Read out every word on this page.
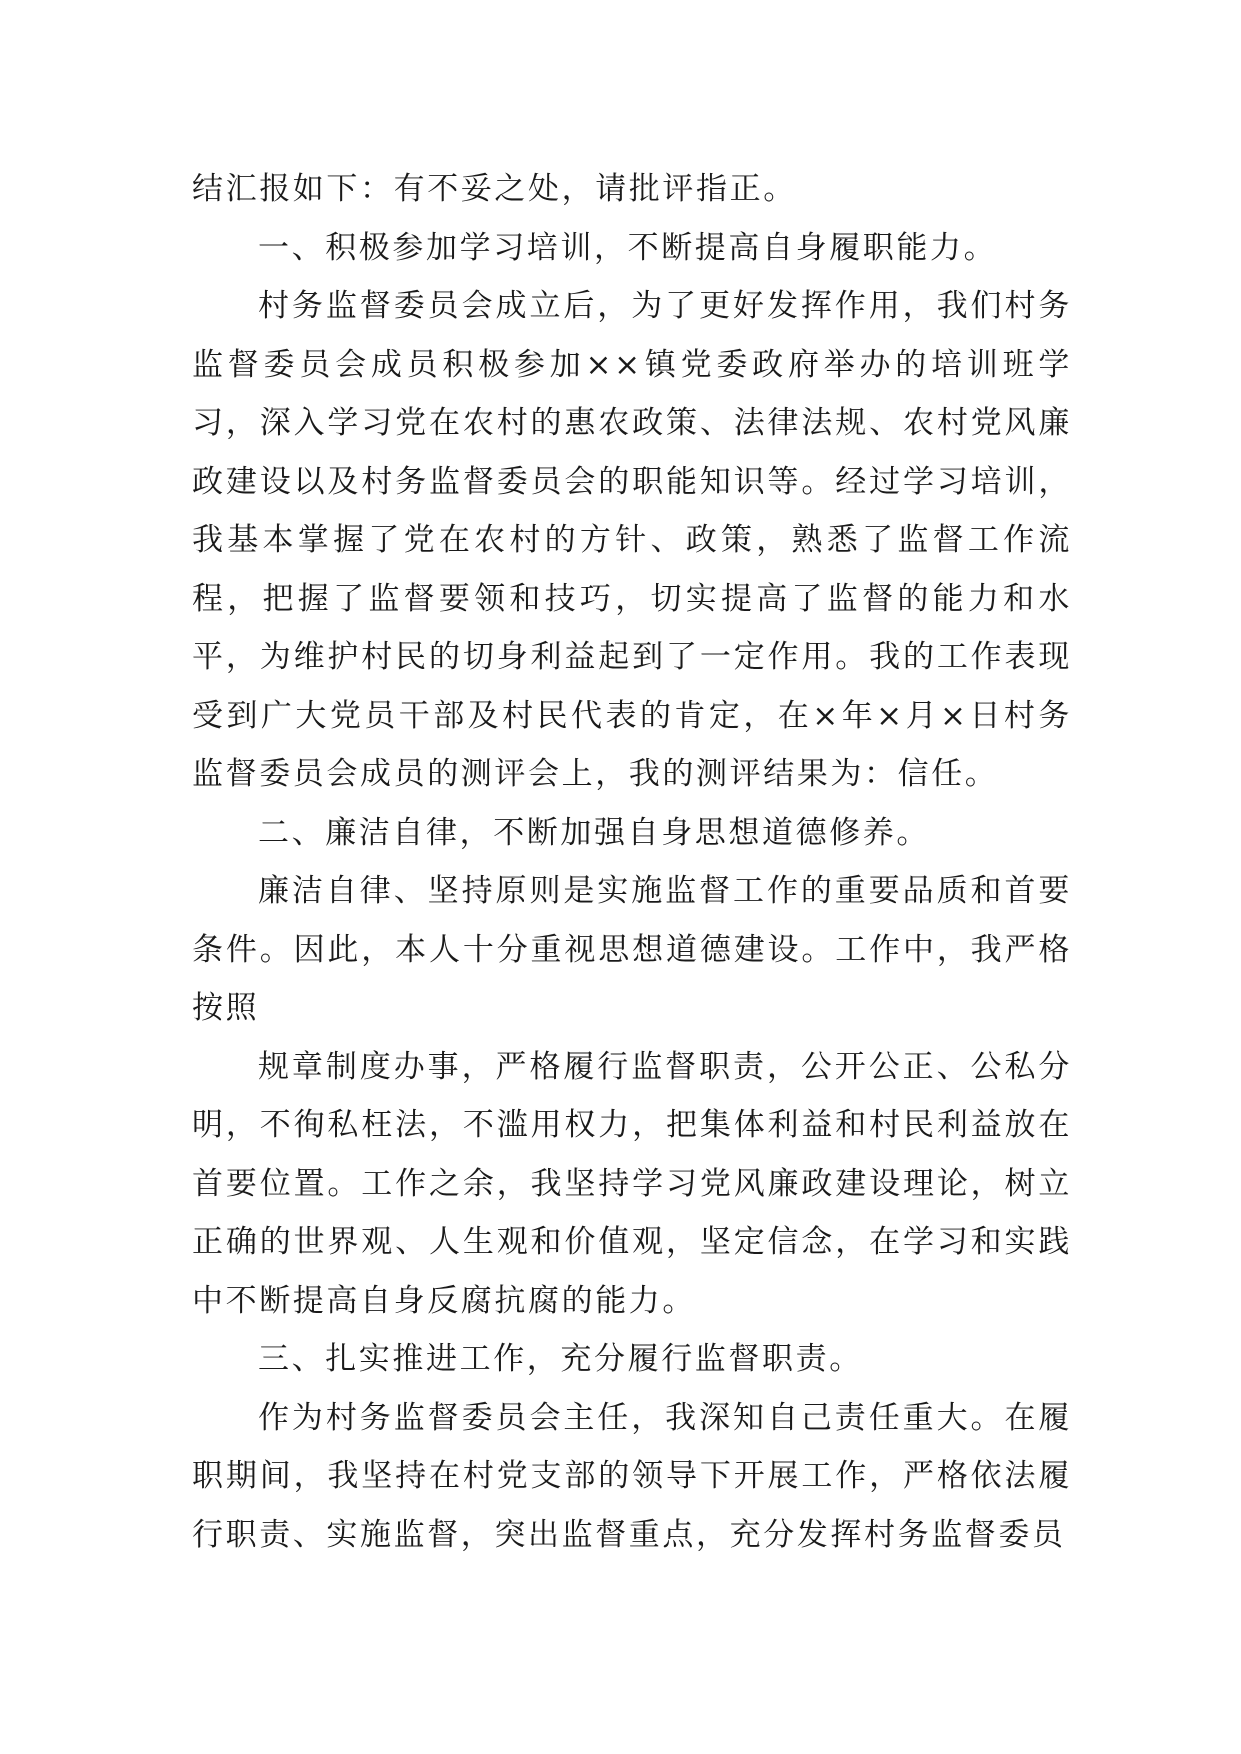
结汇报如下：有不妥之处，请批评指正。

一、积极参加学习培训，不断提高自身履职能力。

村务监督委员会成立后，为了更好发挥作用，我们村务监督委员会成员积极参加××镇党委政府举办的培训班学习，深入学习党在农村的惠农政策、法律法规、农村党风廉政建设以及村务监督委员会的职能知识等。经过学习培训，我基本掌握了党在农村的方针、政策，熟悉了监督工作流程，把握了监督要领和技巧，切实提高了监督的能力和水平，为维护村民的切身利益起到了一定作用。我的工作表现受到广大党员干部及村民代表的肯定，在×年×月×日村务监督委员会成员的测评会上，我的测评结果为：信任。

二、廉洁自律，不断加强自身思想道德修养。

廉洁自律、坚持原则是实施监督工作的重要品质和首要条件。因此，本人十分重视思想道德建设。工作中，我严格按照

规章制度办事，严格履行监督职责，公开公正、公私分明，不徇私枉法，不滥用权力，把集体利益和村民利益放在首要位置。工作之余，我坚持学习党风廉政建设理论，树立正确的世界观、人生观和价值观，坚定信念，在学习和实践中不断提高自身反腐抗腐的能力。

三、扎实推进工作，充分履行监督职责。

作为村务监督委员会主任，我深知自己责任重大。在履职期间，我坚持在村党支部的领导下开展工作，严格依法履行职责、实施监督，突出监督重点，充分发挥村务监督委员
